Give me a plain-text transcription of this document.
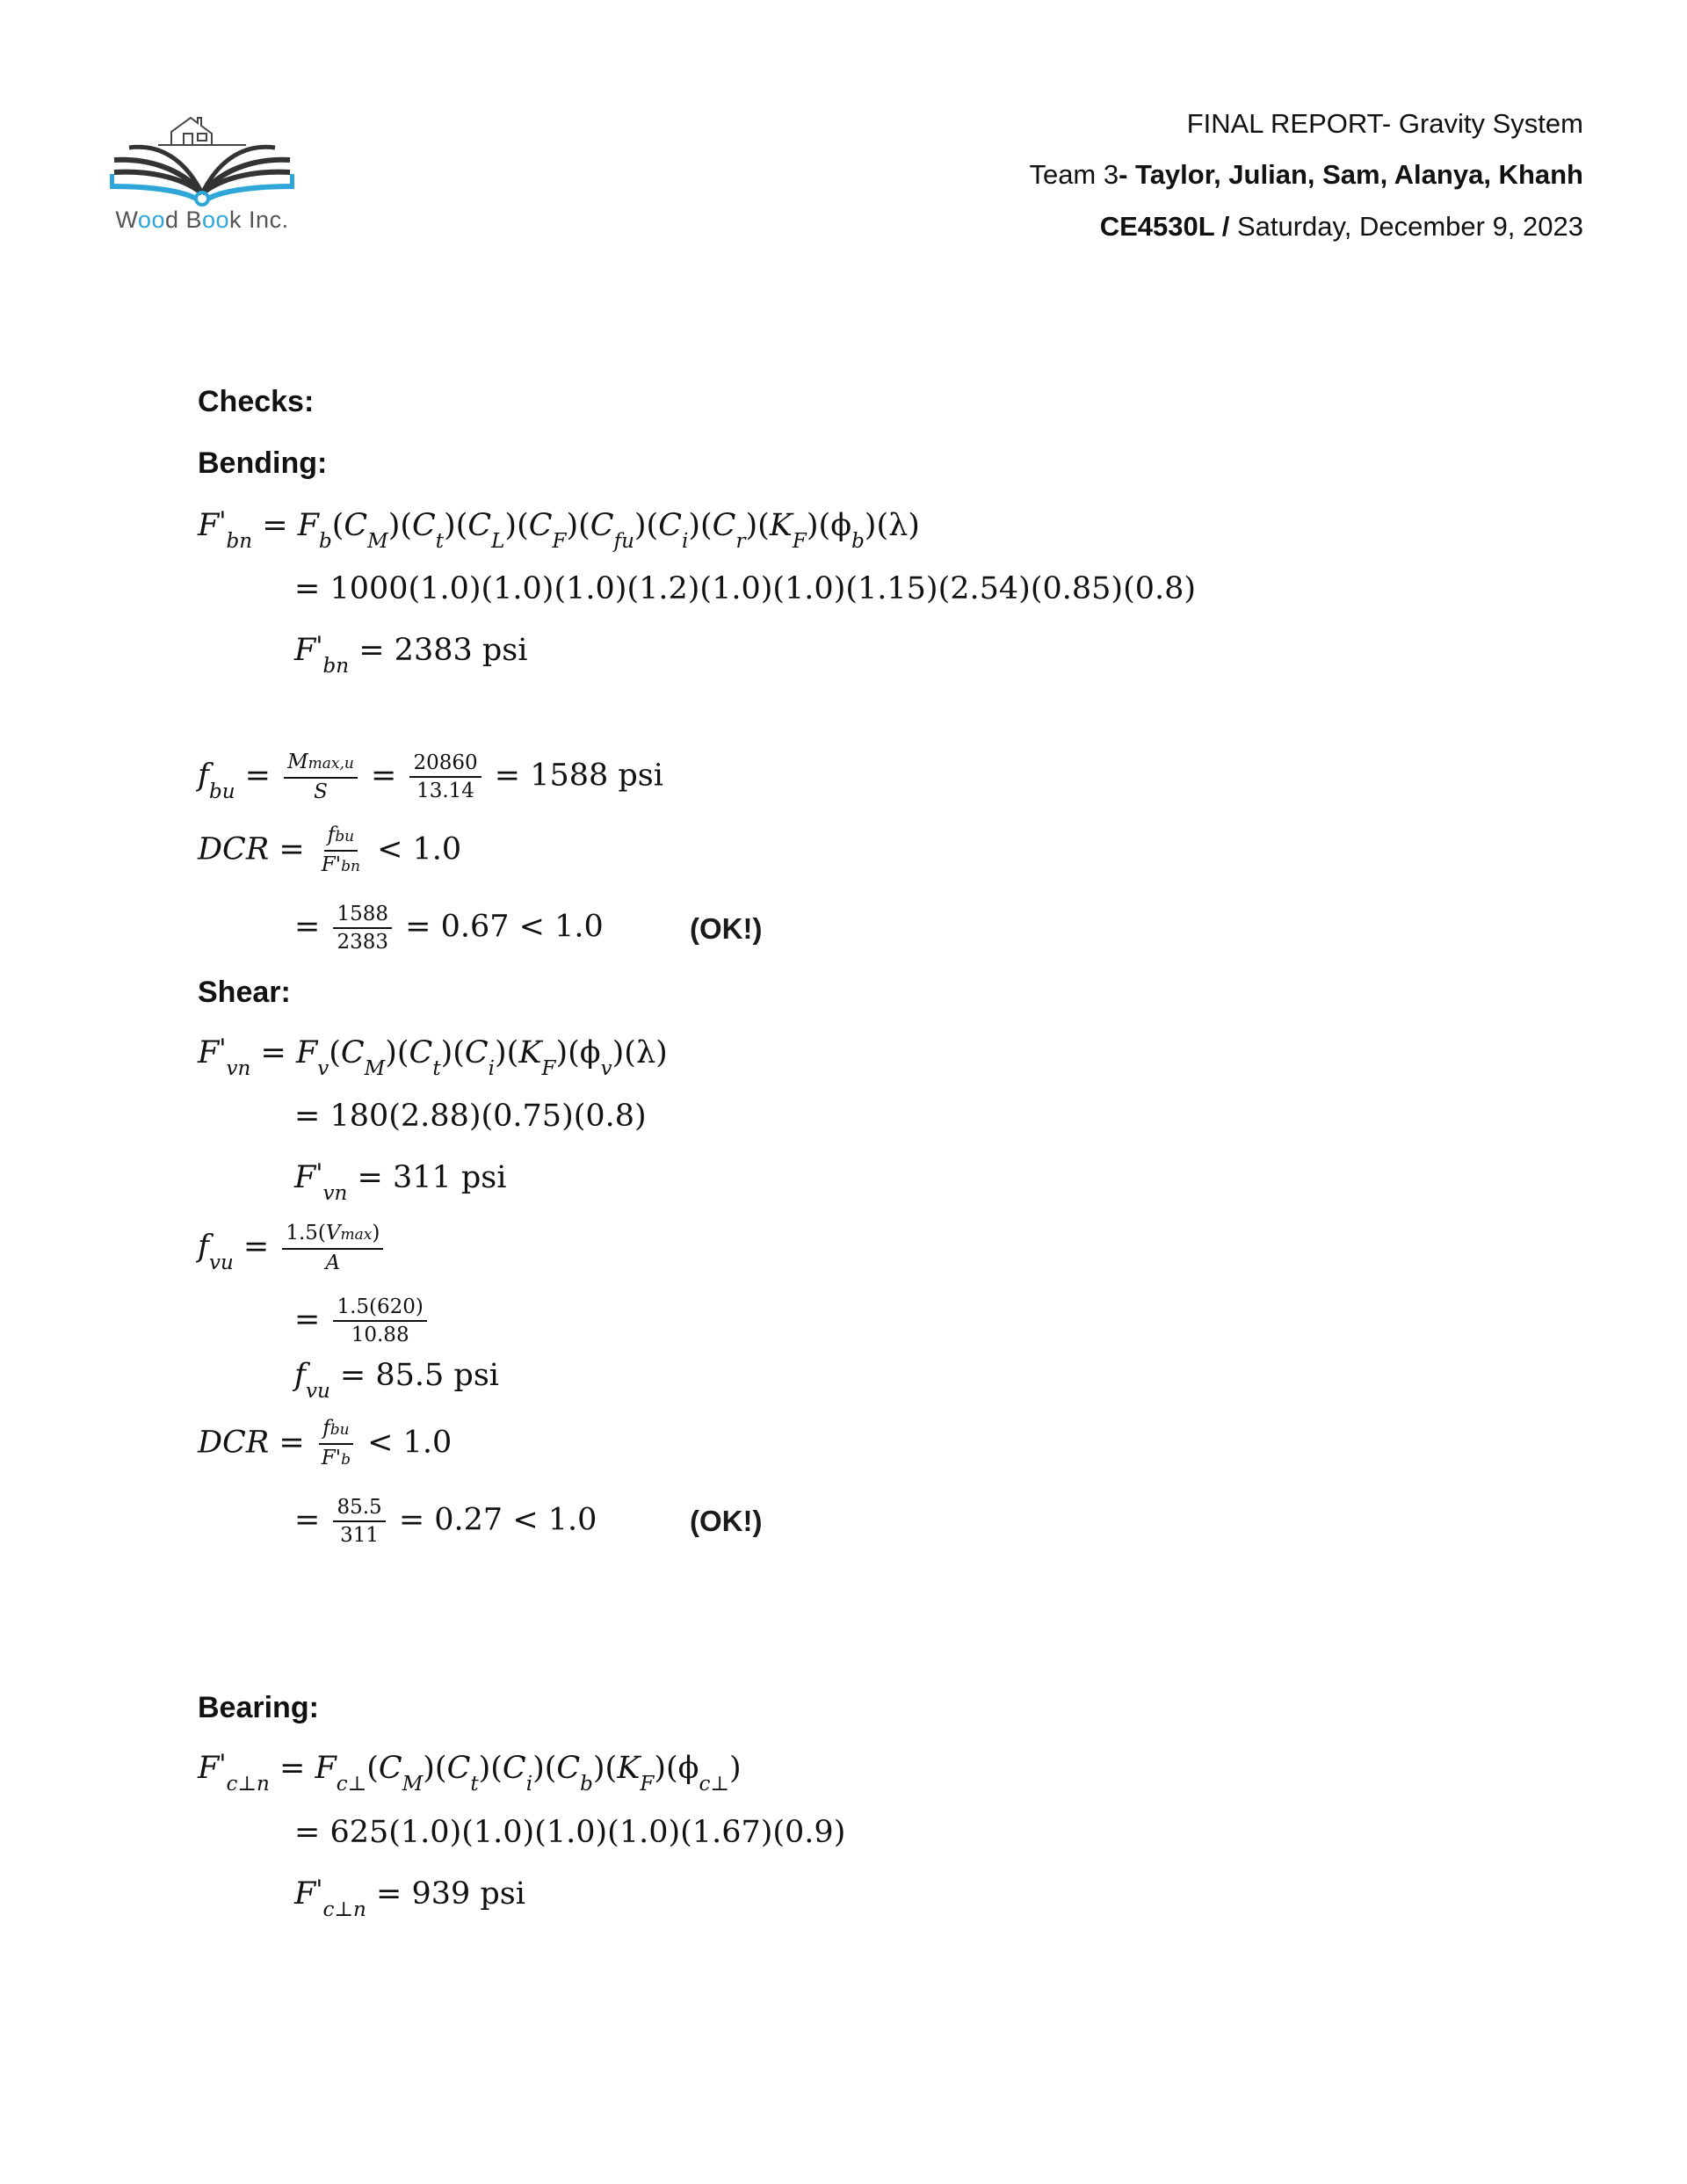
Wood Book Inc.
FINAL REPORT- Gravity System
Team 3- Taylor, Julian, Sam, Alanya, Khanh
CE4530L / Saturday, December 9, 2023
Checks:
Bending:
$F'_{bn} = F_b(C_M)(C_t)(C_L)(C_F)(C_{fu})(C_i)(C_r)(K_F)(\phi_b)(\lambda)$
= 1000(1.0)(1.0)(1.0)(1.2)(1.0)(1.0)(1.15)(2.54)(0.85)(0.8)
$F'_{bn} = 2383$ psi
$f_{bu} = \frac{Mmax,u}{S} = \frac{20860}{13.14} = 1588$ psi
DCR = $\frac{\text{fbu}}{F'bn} < 1.0$
= $\frac{1588}{2383} = 0.67 < 1.0$	(OK!)
Shear:
$F'_{vn} = F_v(C_M)(C_t)(C_i)(K_F)(\phi_v)(\lambda)$
= 180(2.88)(0.75)(0.8)
$F'_{vn} = 311$ psi
$f_{vu} = \frac{1.5(Vmax)}{A}$
= $\frac{1.5(620)}{10.88}$
$f_{vu} = 85.5$ psi
DCR = $\frac{\text{fbu}}{F'b} < 1.0$
= $\frac{85.5}{311} = 0.27 < 1.0$	(OK!)
Bearing:
$F'_{c\perp n} = F_{c\perp}(C_M)(C_t)(C_i)(C_b)(K_F)(\phi_{c\perp})$
= 625(1.0)(1.0)(1.0)(1.0)(1.67)(0.9)
$F'_{c\perp n} = 939$ psi
